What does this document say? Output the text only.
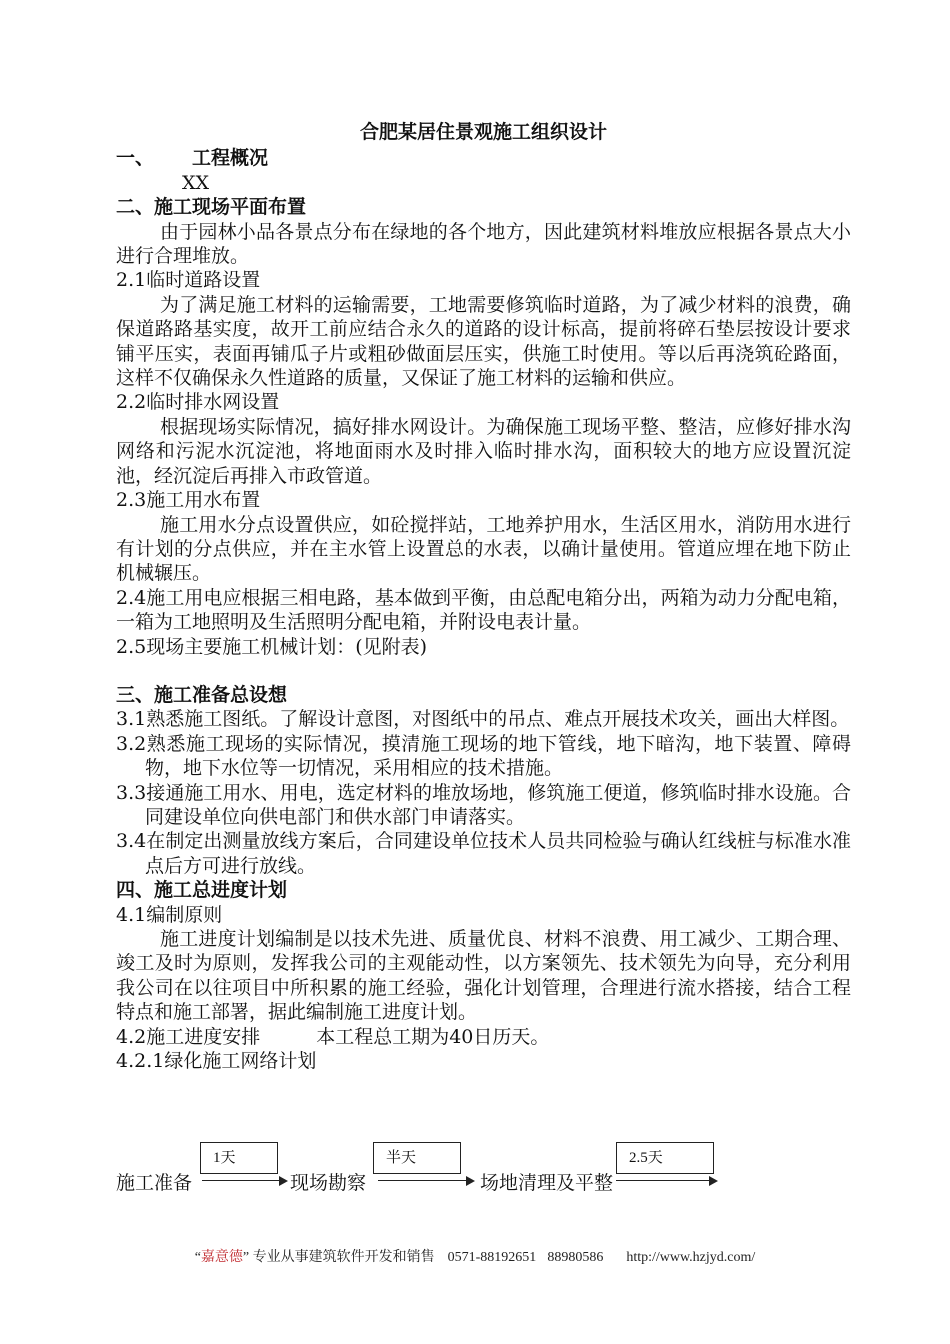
合肥某居住景观施工组织设计
一、 工程概况
XX
二、施工现场平面布置

由于园林小品各景点分布在绿地的各个地方，因此建筑材料堆放应根据各景点大小进行合理堆放。

2.1临时道路设置

为了满足施工材料的运输需要，工地需要修筑临时道路，为了减少材料的浪费，确保道路路基实度，故开工前应结合永久的道路的设计标高，提前将碎石垫层按设计要求铺平压实，表面再铺瓜子片或粗砂做面层压实，供施工时使用。等以后再浇筑砼路面，这样不仅确保永久性道路的质量，又保证了施工材料的运输和供应。

2.2临时排水网设置

根据现场实际情况，搞好排水网设计。为确保施工现场平整、整洁，应修好排水沟网络和污泥水沉淀池，将地面雨水及时排入临时排水沟，面积较大的地方应设置沉淀池，经沉淀后再排入市政管道。

2.3施工用水布置

施工用水分点设置供应，如砼搅拌站，工地养护用水，生活区用水，消防用水进行有计划的分点供应，并在主水管上设置总的水表，以确计量使用。管道应埋在地下防止机械辗压。

2.4施工用电应根据三相电路，基本做到平衡，由总配电箱分出，两箱为动力分配电箱，一箱为工地照明及生活照明分配电箱，并附设电表计量。

2.5现场主要施工机械计划：(见附表)
三、施工准备总设想

3.1熟悉施工图纸。了解设计意图，对图纸中的吊点、难点开展技术攻关，画出大样图。

3.2熟悉施工现场的实际情况，摸清施工现场的地下管线，地下暗沟，地下装置、障碍物，地下水位等一切情况，采用相应的技术措施。

3.3接通施工用水、用电，选定材料的堆放场地，修筑施工便道，修筑临时排水设施。合同建设单位向供电部门和供水部门申请落实。

3.4在制定出测量放线方案后，合同建设单位技术人员共同检验与确认红线桩与标准水准点后方可进行放线。

四、施工总进度计划
4.1编制原则

施工进度计划编制是以技术先进、质量优良、材料不浪费、用工减少、工期合理、竣工及时为原则，发挥我公司的主观能动性，以方案领先、技术领先为向导，充分利用我公司在以往项目中所积累的施工经验，强化计划管理，合理进行流水搭接，结合工程特点和施工部署，据此编制施工进度计划。

4.2施工进度安排	本工程总工期为40日历天。
4.2.1绿化施工网络计划
1天	半天	2.5天
施工准备	现场勘察	场地清理及平整
“嘉意德” 专业从事建筑软件开发和销售 0571-88192651 88980586 http://www.hzjyd.com/
